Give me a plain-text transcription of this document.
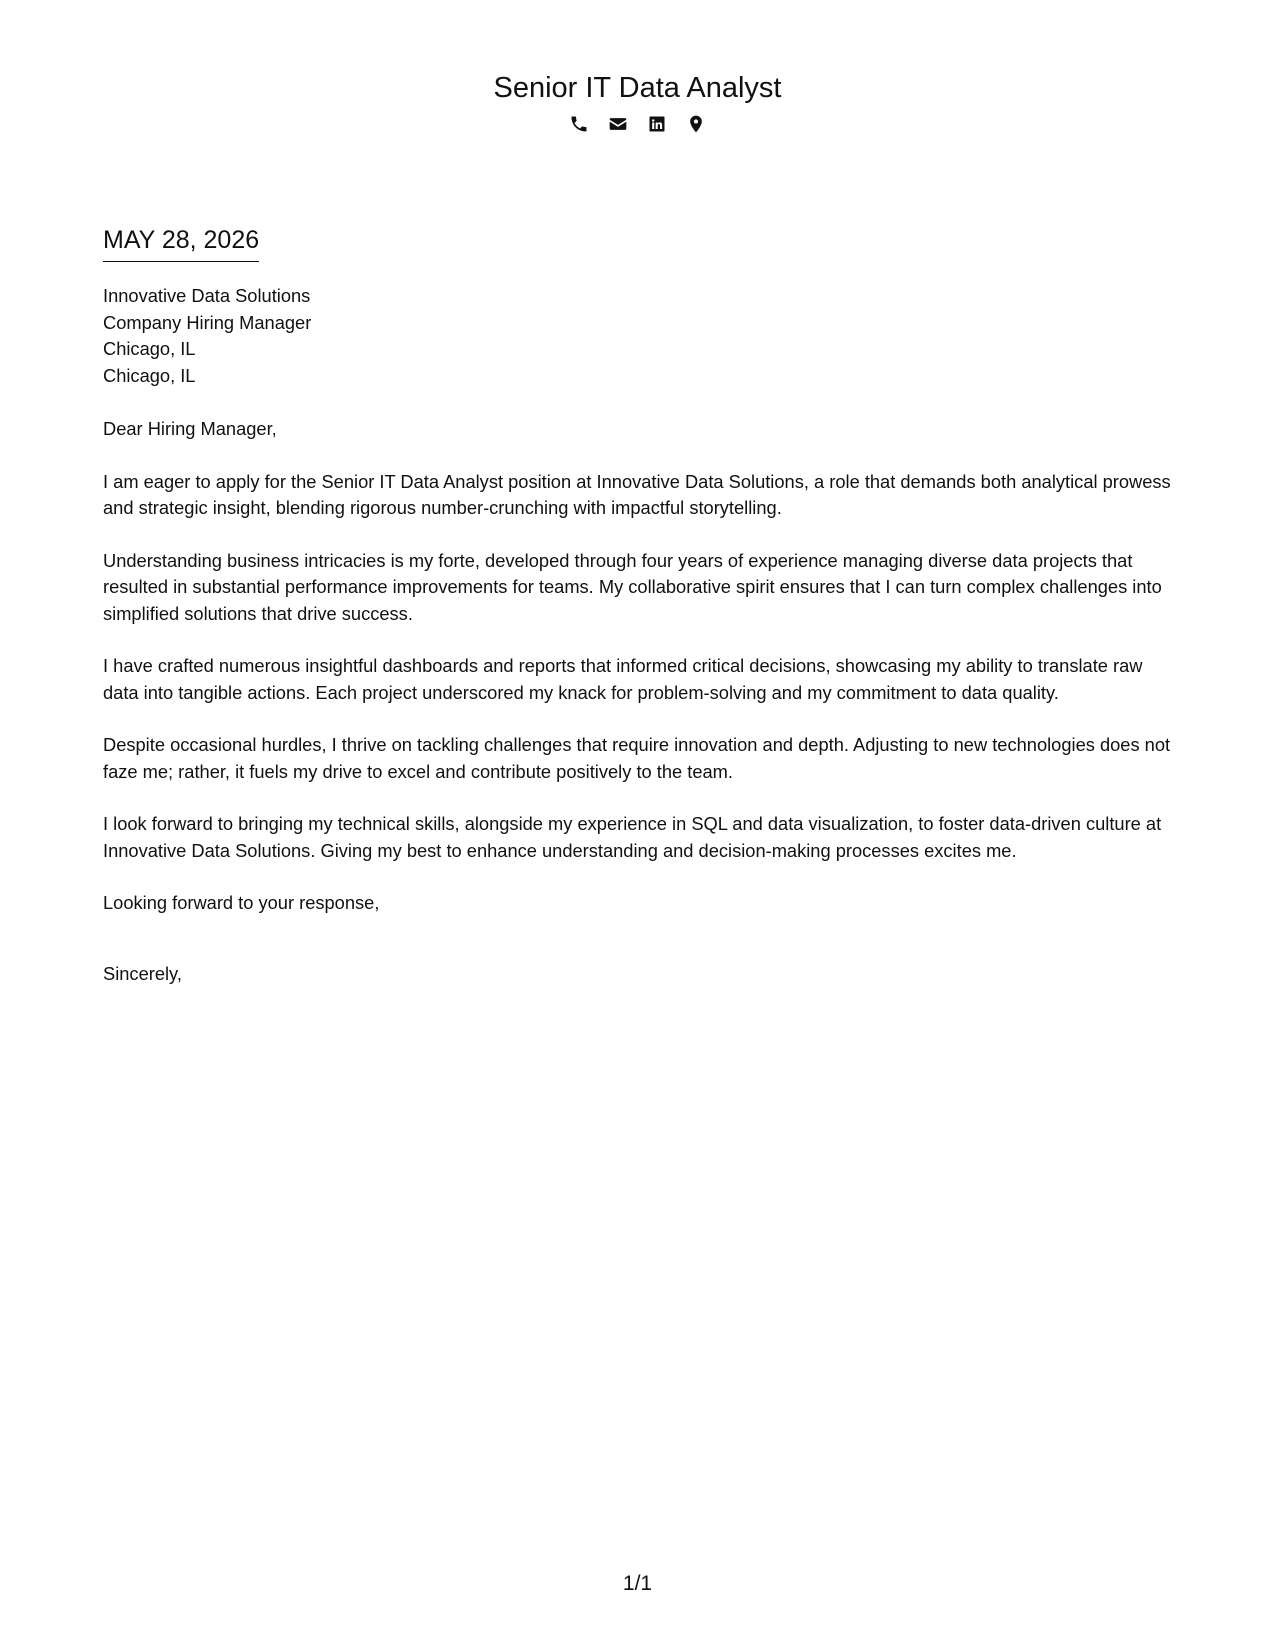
Senior IT Data Analyst
MAY 28, 2026
Innovative Data Solutions
Company Hiring Manager
Chicago, IL
Chicago, IL
Dear Hiring Manager,
I am eager to apply for the Senior IT Data Analyst position at Innovative Data Solutions, a role that demands both analytical prowess and strategic insight, blending rigorous number-crunching with impactful storytelling.
Understanding business intricacies is my forte, developed through four years of experience managing diverse data projects that resulted in substantial performance improvements for teams. My collaborative spirit ensures that I can turn complex challenges into simplified solutions that drive success.
I have crafted numerous insightful dashboards and reports that informed critical decisions, showcasing my ability to translate raw data into tangible actions. Each project underscored my knack for problem-solving and my commitment to data quality.
Despite occasional hurdles, I thrive on tackling challenges that require innovation and depth. Adjusting to new technologies does not faze me; rather, it fuels my drive to excel and contribute positively to the team.
I look forward to bringing my technical skills, alongside my experience in SQL and data visualization, to foster data-driven culture at Innovative Data Solutions. Giving my best to enhance understanding and decision-making processes excites me.
Looking forward to your response,
Sincerely,
1/1
